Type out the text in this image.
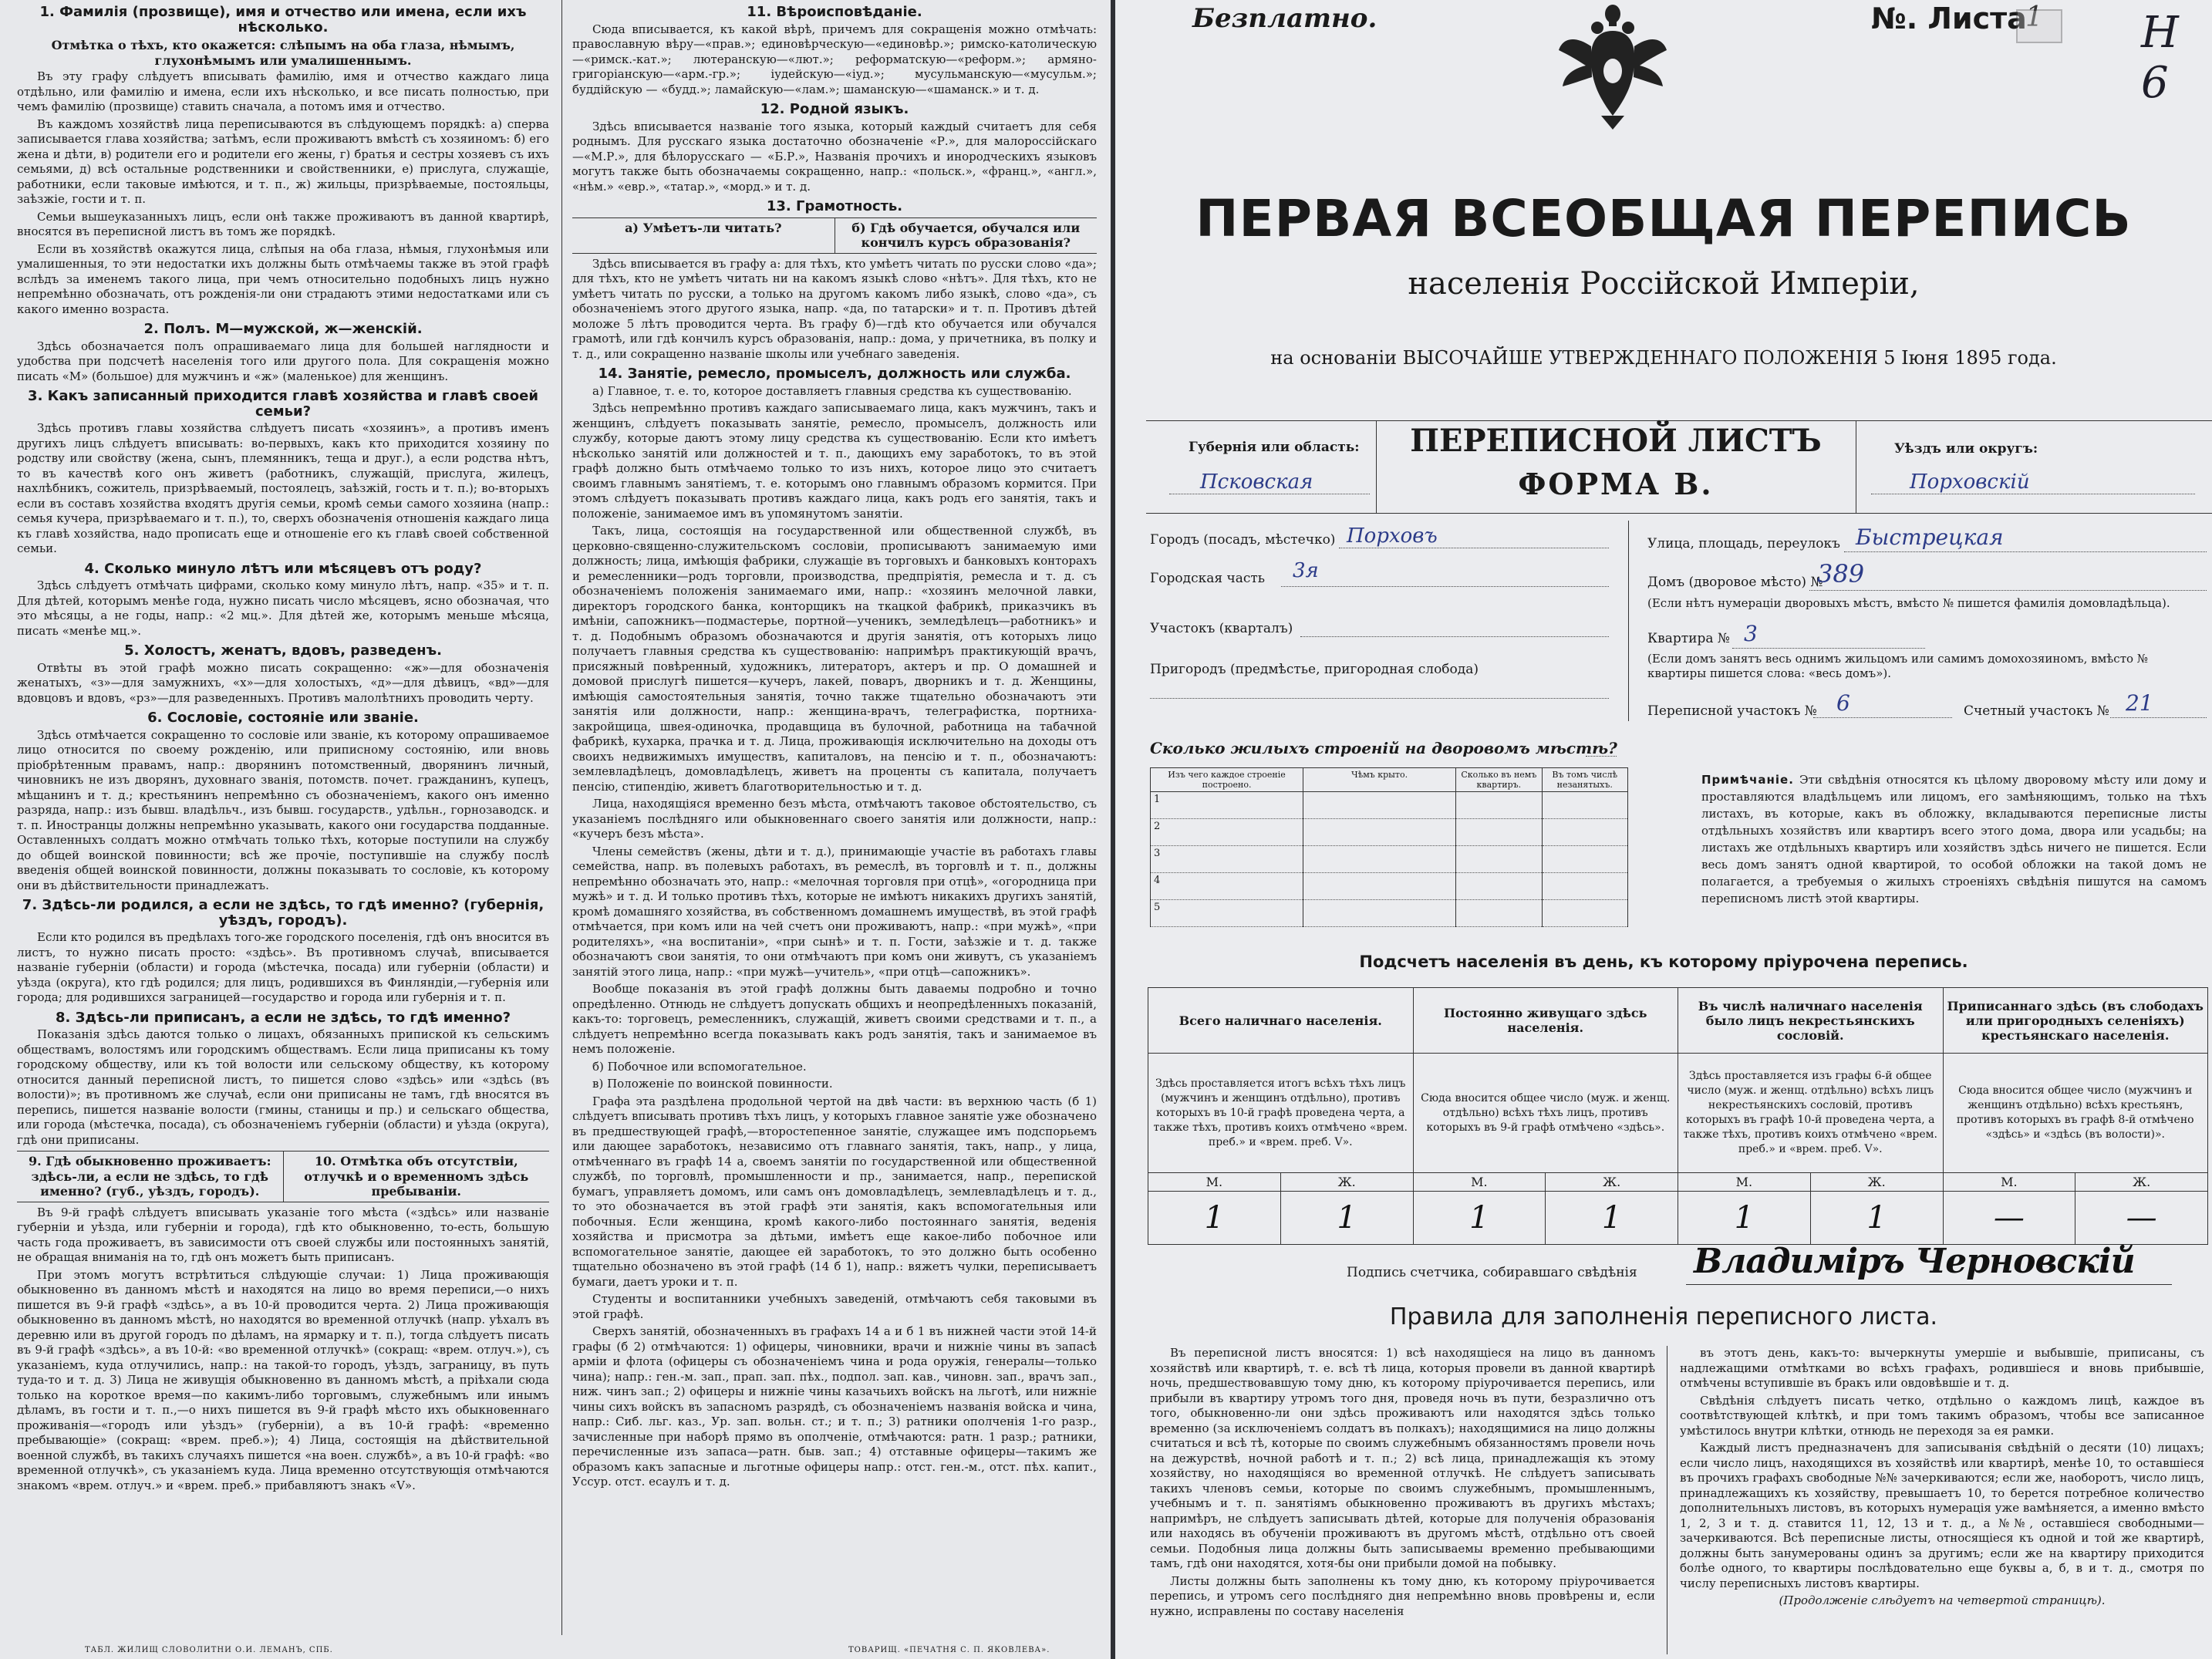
1. Фамилія (прозвище), имя и отчество или имена, если ихъ нѣсколько.
Отмѣтка о тѣхъ, кто окажется: слѣпымъ на оба глаза, нѣмымъ, глухонѣмымъ или умалишеннымъ.

Въ эту графу слѣдуетъ вписывать фамилію, имя и отчество каждаго лица отдѣльно, или фамилію и имена, если ихъ нѣсколько, и все писать полностью, при чемъ фамилію (прозвище) ставить сначала, а потомъ имя и отчество.

Въ каждомъ хозяйствѣ лица переписываются въ слѣдующемъ порядкѣ: а) сперва записывается глава хозяйства; затѣмъ, если проживаютъ вмѣстѣ съ хозяиномъ: б) его жена и дѣти, в) родители его и родители его жены, г) братья и сестры хозяевъ съ ихъ семьями, д) всѣ остальные родственники и свойственники, е) прислуга, служащіе, работники, если таковые имѣются, и т. п., ж) жильцы, призрѣваемые, постояльцы, заѣзжіе, гости и т. п.

Семьи вышеуказанныхъ лицъ, если онѣ также проживаютъ въ данной квартирѣ, вносятся въ переписной листъ въ томъ же порядкѣ.

Если въ хозяйствѣ окажутся лица, слѣпыя на оба глаза, нѣмыя, глухонѣмыя или умалишенныя, то эти недостатки ихъ должны быть отмѣчаемы также въ этой графѣ вслѣдъ за именемъ такого лица, при чемъ относительно подобныхъ лицъ нужно непремѣнно обозначать, отъ рожденія-ли они страдаютъ этими недостатками или съ какого именно возраста.

2. Полъ. М—мужской, ж—женскій.

Здѣсь обозначается полъ опрашиваемаго лица для большей наглядности и удобства при подсчетѣ населенія того или другого пола. Для сокращенія можно писать «М» (большое) для мужчинъ и «ж» (маленькое) для женщинъ.

3. Какъ записанный приходится главѣ хозяйства и главѣ своей семьи?

Здѣсь противъ главы хозяйства слѣдуетъ писать «хозяинъ», а противъ именъ другихъ лицъ слѣдуетъ вписывать: во-первыхъ, какъ кто приходится хозяину по родству или свойству (жена, сынъ, племянникъ, теща и друг.), а если родства нѣтъ, то въ качествѣ кого онъ живетъ (работникъ, служащій, прислуга, жилецъ, нахлѣбникъ, сожитель, призрѣваемый, постоялецъ, заѣзжій, гость и т. п.); во-вторыхъ если въ составъ хозяйства входятъ другія семьи, кромѣ семьи самого хозяина (напр.: семья кучера, призрѣваемаго и т. п.), то, сверхъ обозначенія отношенія каждаго лица къ главѣ хозяйства, надо прописать еще и отношеніе его къ главѣ своей собственной семьи.

4. Сколько минуло лѣтъ или мѣсяцевъ отъ роду?

Здѣсь слѣдуетъ отмѣчать цифрами, сколько кому минуло лѣтъ, напр. «35» и т. п. Для дѣтей, которымъ менѣе года, нужно писать число мѣсяцевъ, ясно обозначая, что это мѣсяцы, а не годы, напр.: «2 мц.». Для дѣтей же, которымъ меньше мѣсяца, писать «менѣе мц.».

5. Холостъ, женатъ, вдовъ, разведенъ.

Отвѣты въ этой графѣ можно писать сокращенно: «ж»—для обозначенія женатыхъ, «з»—для замужнихъ, «х»—для холостыхъ, «д»—для дѣвицъ, «вд»—для вдовцовъ и вдовъ, «рз»—для разведенныхъ. Противъ малолѣтнихъ проводить черту.

6. Сословіе, состояніе или званіе.

Здѣсь отмѣчается сокращенно то сословіе или званіе, къ которому опрашиваемое лицо относится по своему рожденію, или приписному состоянію, или вновь пріобрѣтенным правамъ, напр.: дворянинъ потомственный, дворянинъ личный, чиновникъ не изъ дворянъ, духовнаго званія, потомств. почет. гражданинъ, купецъ, мѣщанинъ и т. д.; крестьянинъ непремѣнно съ обозначеніемъ, какого онъ именно разряда, напр.: изъ бывш. владѣльч., изъ бывш. государств., удѣльн., горнозаводск. и т. п. Иностранцы должны непремѣнно указывать, какого они государства подданные. Оставленныхъ солдатъ можно отмѣчать только тѣхъ, которые поступили на службу до общей воинской повинности; всѣ же прочіе, поступившіе на службу послѣ введенія общей воинской повинности, должны показывать то сословіе, къ которому они въ дѣйствительности принадлежатъ.

7. Здѣсь-ли родился, а если не здѣсь, то гдѣ именно? (губернія, уѣздъ, городъ).

Если кто родился въ предѣлахъ того-же городского поселенія, гдѣ онъ вносится въ листъ, то нужно писать просто: «здѣсь». Въ противномъ случаѣ, вписывается названіе губерніи (области) и города (мѣстечка, посада) или губерніи (области) и уѣзда (округа), кто гдѣ родился; для лицъ, родившихся въ Финляндіи,—губернія или города; для родившихся заграницей—государство и города или губернія и т. п.

8. Здѣсь-ли приписанъ, а если не здѣсь, то гдѣ именно?

Показанія здѣсь даются только о лицахъ, обязанныхъ припиской къ сельскимъ обществамъ, волостямъ или городскимъ обществамъ. Если лица приписаны къ тому городскому обществу, или къ той волости или сельскому обществу, къ которому относится данный переписной листъ, то пишется слово «здѣсь» или «здѣсь (въ волости)»; въ противномъ же случаѣ, если они приписаны не тамъ, гдѣ вносятся въ перепись, пишется названіе волости (гмины, станицы и пр.) и сельскаго общества, или города (мѣстечка, посада), съ обозначеніемъ губерніи (области) и уѣзда (округа), гдѣ они приписаны.

9. Гдѣ обыкновенно проживаетъ: здѣсь-ли, а если не здѣсь, то гдѣ именно? (губ., уѣздъ, городъ).
10. Отмѣтка объ отсутствіи, отлучкѣ и о временномъ здѣсь пребываніи.

Въ 9-й графѣ слѣдуетъ вписывать указаніе того мѣста («здѣсь» или названіе губерніи и уѣзда, или губерніи и города), гдѣ кто обыкновенно, то-есть, большую часть года проживаетъ, въ зависимости отъ своей службы или постоянныхъ занятій, не обращая вниманія на то, гдѣ онъ можетъ быть приписанъ.

При этомъ могутъ встрѣтиться слѣдующіе случаи: 1) Лица проживающія обыкновенно въ данномъ мѣстѣ и находятся на лицо во время переписи,—о нихъ пишется въ 9-й графѣ «здѣсь», а въ 10-й проводится черта. 2) Лица проживающія обыкновенно въ данномъ мѣстѣ, но находятся во временной отлучкѣ (напр. уѣхалъ въ деревню или въ другой городъ по дѣламъ, на ярмарку и т. п.), тогда слѣдуетъ писать въ 9-й графѣ «здѣсь», а въ 10-й: «во временной отлучкѣ» (сокращ: «врем. отлуч.»), съ указаніемъ, куда отлучились, напр.: на такой-то городъ, уѣздъ, заграницу, въ путь туда-то и т. д. 3) Лица не живущія обыкновенно въ данномъ мѣстѣ, а пріѣхали сюда только на короткое время—по какимъ-либо торговымъ, служебнымъ или инымъ дѣламъ, въ гости и т. п.,—о нихъ пишется въ 9-й графѣ мѣсто ихъ обыкновеннаго проживанія—«городъ или уѣздъ» (губерніи), а въ 10-й графѣ: «временно пребывающіе» (сокращ: «врем. преб.»); 4) Лица, состоящія на дѣйствительной военной службѣ, въ такихъ случаяхъ пишется «на воен. службѣ», а въ 10-й графѣ: «во временной отлучкѣ», съ указаніемъ куда. Лица временно отсутствующія отмѣчаются знакомъ «врем. отлуч.» и «врем. преб.» прибавляютъ знакъ «V».

11. Вѣроисповѣданіе.

Сюда вписывается, къ какой вѣрѣ, причемъ для сокращенія можно отмѣчать: православную вѣру—«прав.»; единовѣрческую—«единовѣр.»; римско-католическую—«римск.-кат.»; лютеранскую—«лют.»; реформатскую—«реформ.»; армяно-григоріанскую—«арм.-гр.»; іудейскую—«іуд.»; мусульманскую—«мусульм.»; буддійскую — «будд.»; ламайскую—«лам.»; шаманскую—«шаманск.» и т. д.

12. Родной языкъ.

Здѣсь вписывается названіе того языка, который каждый считаетъ для себя роднымъ. Для русскаго языка достаточно обозначеніе «Р.», для малороссійскаго—«М.Р.», для бѣлорусскаго — «Б.Р.», Названія прочихъ и инородческихъ языковъ могутъ также быть обозначаемы сокращенно, напр.: «польск.», «франц.», «англ.», «нѣм.» «евр.», «татар.», «морд.» и т. д.

13. Грамотность.
а) Умѣетъ-ли читать?	б) Гдѣ обучается, обучался или кончилъ курсъ образованія?

Здѣсь вписывается въ графу а: для тѣхъ, кто умѣетъ читать по русски слово «да»; для тѣхъ, кто не умѣетъ читать ни на какомъ языкѣ слово «нѣтъ». Для тѣхъ, кто не умѣетъ читать по русски, а только на другомъ какомъ либо языкѣ, слово «да», съ обозначеніемъ этого другого языка, напр. «да, по татарски» и т. п. Противъ дѣтей моложе 5 лѣтъ проводится черта. Въ графу б)—гдѣ кто обучается или обучался грамотѣ, или гдѣ кончилъ курсъ образованія, напр.: дома, у причетника, въ полку и т. д., или сокращенно названіе школы или учебнаго заведенія.

14. Занятіе, ремесло, промыселъ, должность или служба.

а) Главное, т. е. то, которое доставляетъ главныя средства къ существованію.

Здѣсь непремѣнно противъ каждаго записываемаго лица, какъ мужчинъ, такъ и женщинъ, слѣдуетъ показывать занятіе, ремесло, промыселъ, должность или службу, которые даютъ этому лицу средства къ существованію. Если кто имѣетъ нѣсколько занятій или должностей и т. п., дающихъ ему заработокъ, то въ этой графѣ должно быть отмѣчаемо только то изъ нихъ, которое лицо это считаетъ своимъ главнымъ занятіемъ, т. е. которымъ оно главнымъ образомъ кормится. При этомъ слѣдуетъ показывать противъ каждаго лица, какъ родъ его занятія, такъ и положеніе, занимаемое имъ въ упомянутомъ занятіи.

Такъ, лица, состоящія на государственной или общественной службѣ, въ церковно-священно-служительскомъ сословіи, прописываютъ занимаемую ими должность; лица, имѣющія фабрики, служащіе въ торговыхъ и банковыхъ конторахъ и ремесленники—родъ торговли, производства, предпріятія, ремесла и т. д. съ обозначеніемъ положенія занимаемаго ими, напр.: «хозяинъ мелочной лавки, директоръ городского банка, конторщикъ на ткацкой фабрикѣ, приказчикъ въ имѣніи, сапожникъ—подмастерье, портной—ученикъ, земледѣлецъ—работникъ» и т. д. Подобнымъ образомъ обозначаются и другія занятія, отъ которыхъ лицо получаетъ главныя средства къ существованію: напримѣръ практикующій врачъ, присяжный повѣренный, художникъ, литераторъ, актеръ и пр. О домашней и домовой прислугѣ пишется—кучеръ, лакей, поваръ, дворникъ и т. д. Женщины, имѣющія самостоятельныя занятія, точно также тщательно обозначаютъ эти занятія или должности, напр.: женщина-врачъ, телеграфистка, портниха-закройщица, швея-одиночка, продавщица въ булочной, работница на табачной фабрикѣ, кухарка, прачка и т. д. Лица, проживающія исключительно на доходы отъ своихъ недвижимыхъ имуществъ, капиталовъ, на пенсію и т. п., обозначаютъ: землевладѣлецъ, домовладѣлецъ, живетъ на проценты съ капитала, получаетъ пенсію, стипендію, живетъ благотворительностью и т. д.

Лица, находящіяся временно безъ мѣста, отмѣчаютъ таковое обстоятельство, съ указаніемъ послѣдняго или обыкновеннаго своего занятія или должности, напр.: «кучеръ безъ мѣста».

Члены семействъ (жены, дѣти и т. д.), принимающіе участіе въ работахъ главы семейства, напр. въ полевыхъ работахъ, въ ремеслѣ, въ торговлѣ и т. п., должны непремѣнно обозначать это, напр.: «мелочная торговля при отцѣ», «огородница при мужѣ» и т. д. И только противъ тѣхъ, которые не имѣютъ никакихъ другихъ занятій, кромѣ домашняго хозяйства, въ собственномъ домашнемъ имуществѣ, въ этой графѣ отмѣчается, при комъ или на чей счетъ они проживаютъ, напр.: «при мужѣ», «при родителяхъ», «на воспитаніи», «при сынѣ» и т. п. Гости, заѣзжіе и т. д. также обозначаютъ свои занятія, то они отмѣчаютъ при комъ они живутъ, съ указаніемъ занятій этого лица, напр.: «при мужѣ—учитель», «при отцѣ—сапожникъ».

Вообще показанія въ этой графѣ должны быть даваемы подробно и точно опредѣленно. Отнюдь не слѣдуетъ допускать общихъ и неопредѣленныхъ показаній, какъ-то: торговецъ, ремесленникъ, служащій, живетъ своими средствами и т. п., а слѣдуетъ непремѣнно всегда показывать какъ родъ занятія, такъ и занимаемое въ немъ положеніе.

б) Побочное или вспомогательное.

в) Положеніе по воинской повинности.

Графа эта раздѣлена продольной чертой на двѣ части: въ верхнюю часть (б 1) слѣдуетъ вписывать противъ тѣхъ лицъ, у которыхъ главное занятіе уже обозначено въ предшествующей графѣ,—второстепенное занятіе, служащее имъ подспорьемъ или дающее заработокъ, независимо отъ главнаго занятія, такъ, напр., у лица, отмѣченнаго въ графѣ 14 а, своемъ занятіи по государственной или общественной службѣ, по торговлѣ, промышленности и пр., занимается, напр., перепиской бумагъ, управляетъ домомъ, или самъ онъ домовладѣлецъ, землевладѣлецъ и т. д., то это обозначается въ этой графѣ эти занятія, какъ вспомогательныя или побочныя. Если женщина, кромѣ какого-либо постояннаго занятія, веденія хозяйства и присмотра за дѣтьми, имѣетъ еще какое-либо побочное или вспомогательное занятіе, дающее ей заработокъ, то это должно быть особенно тщательно обозначено въ этой графѣ (14 б 1), напр.: вяжетъ чулки, переписываетъ бумаги, даетъ уроки и т. п.

Студенты и воспитанники учебныхъ заведеній, отмѣчаютъ себя таковыми въ этой графѣ.

Сверхъ занятій, обозначенныхъ въ графахъ 14 а и б 1 въ нижней части этой 14-й графы (б 2) отмѣчаются: 1) офицеры, чиновники, врачи и нижніе чины въ запасѣ арміи и флота (офицеры съ обозначеніемъ чина и рода оружія, генералы—только чина); напр.: ген.-м. зап., прап. зап. пѣх., подпол. зап. кав., чиновн. зап., врачъ зап., ниж. чинъ зап.; 2) офицеры и нижніе чины казачьихъ войскъ на льготѣ, или нижніе чины сихъ войскъ въ запасномъ разрядѣ, съ обозначеніемъ названія войска и чина, напр.: Сиб. льг. каз., Ур. зап. вольн. ст.; и т. п.; 3) ратники ополченія 1-го разр., зачисленные при наборѣ прямо въ ополченіе, отмѣчаются: ратн. 1 разр.; ратники, перечисленные изъ запаса—ратн. быв. зап.; 4) отставные офицеры—такимъ же образомъ какъ запасные и льготные офицеры напр.: отст. ген.-м., отст. пѣх. капит., Уссур. отст. есаулъ и т. д.

ТАБЛ. ЖИЛИЩ СЛОВОЛИТНИ О.И. ЛЕМАНЪ, СПБ.	ТОВАРИЩ. «ПЕЧАТНЯ С. П. ЯКОВЛЕВА».
Безплатно.	№. Листа
1 Н 6
ПЕРВАЯ ВСЕОБЩАЯ ПЕРЕПИСЬ
населенія Россійской Имперіи,
на основаніи ВЫСОЧАЙШЕ УТВЕРЖДЕННАГО ПОЛОЖЕНІЯ 5 Іюня 1895 года.
Губернія или область:
Псковская
ПЕРЕПИСНОЙ ЛИСТЪ
ФОРМА В.
Уѣздъ или округъ:
Порховскій
Городъ (посадъ, мѣстечко) Порховъ
Городская часть 3я
Участокъ (кварталъ)
Пригородъ (предмѣстье, пригородная слобода)
Улица, площадь, переулокъ Быстрецкая
Домъ (дворовое мѣсто) №
389
(Если нѣтъ нумераціи дворовыхъ мѣстъ, вмѣсто № пишется фамилія домовладѣльца).
Квартира № 3
(Если домъ занятъ весь однимъ жильцомъ или самимъ домохозяиномъ, вмѣсто № квартиры пишется слова: «весь домъ»).
Переписной участокъ № 6	Счетный участокъ № 21
Сколько жилыхъ строеній на дворовомъ мѣстѣ?
Изъ чего каждое строеніе построено.	Чѣмъ крыто.	Сколько въ немъ квартиръ.	Въ томъ числѣ незанятыхъ.
1			
2			
3			
4			
5			
Примѣчаніе. Эти свѣдѣнія относятся къ цѣлому дворовому мѣсту или дому и проставляются владѣльцемъ или лицомъ, его замѣняющимъ, только на тѣхъ листахъ, въ которые, какъ въ обложку, вкладываются переписные листы отдѣльныхъ хозяйствъ или квартиръ всего этого дома, двора или усадьбы; на листахъ же отдѣльныхъ квартиръ или хозяйствъ здѣсь ничего не пишется. Если весь домъ занятъ одной квартирой, то особой обложки на такой домъ не полагается, а требуемыя о жилыхъ строеніяхъ свѣдѣнія пишутся на самомъ переписномъ листѣ этой квартиры.
Подсчетъ населенія въ день, къ которому пріурочена перепись.
Всего наличнаго населенія.		Постоянно живущаго здѣсь населенія.		Въ числѣ наличнаго населенія было лицъ некрестьянскихъ сословій.		Приписаннаго здѣсь (въ слободахъ или пригородныхъ селеніяхъ) крестьянскаго населенія.	
Здѣсь проставляется итогъ всѣхъ тѣхъ лицъ (мужчинъ и женщинъ отдѣльно), противъ которыхъ въ 10-й графѣ проведена черта, а также тѣхъ, противъ коихъ отмѣчено «врем. преб.» и «врем. преб. V».		Сюда вносится общее число (муж. и женщ. отдѣльно) всѣхъ тѣхъ лицъ, противъ которыхъ въ 9-й графѣ отмѣчено «здѣсь».		Здѣсь проставляется изъ графы 6-й общее число (муж. и женщ. отдѣльно) всѣхъ лицъ некрестьянскихъ сословій, противъ которыхъ въ графѣ 10-й проведена черта, а также тѣхъ, противъ коихъ отмѣчено «врем. преб.» и «врем. преб. V».		Сюда вносится общее число (мужчинъ и женщинъ отдѣльно) всѣхъ крестьянъ, противъ которыхъ въ графѣ 8-й отмѣчено «здѣсь» и «здѣсь (въ волости)».	
М.	Ж.	М.	Ж.	М.	Ж.	М.	Ж.
1	1	1	1	1	1	—	—
Подпись счетчика, собиравшаго свѣдѣнія Владиміръ Черновскій
Правила для заполненія переписного листа.

Въ переписной листъ вносятся: 1) всѣ находящіеся на лицо въ данномъ хозяйствѣ или квартирѣ, т. е. всѣ тѣ лица, которыя провели въ данной квартирѣ ночь, предшествовавшую тому дню, къ которому пріурочивается перепись, или прибыли въ квартиру утромъ того дня, проведя ночь въ пути, безразлично отъ того, обыкновенно-ли они здѣсь проживаютъ или находятся здѣсь только временно (за исключеніемъ солдатъ въ полкахъ); находящимися на лицо должны считаться и всѣ тѣ, которые по своимъ служебнымъ обязанностямъ провели ночь на дежурствѣ, ночной работѣ и т. п.; 2) всѣ лица, принадлежащія къ этому хозяйству, но находящіяся во временной отлучкѣ. Не слѣдуетъ записывать такихъ членовъ семьи, которые по своимъ служебнымъ, промышленнымъ, учебнымъ и т. п. занятіямъ обыкновенно проживаютъ въ другихъ мѣстахъ; напримѣръ, не слѣдуетъ записывать дѣтей, которые для полученія образованія или находясь въ обученіи проживаютъ въ другомъ мѣстѣ, отдѣльно отъ своей семьи. Подобныя лица должны быть записываемы временно пребывающими тамъ, гдѣ они находятся, хотя-бы они прибыли домой на побывку.

Листы должны быть заполнены къ тому дню, къ которому пріурочивается перепись, и утромъ сего послѣдняго дня непремѣнно вновь провѣрены и, если нужно, исправлены по составу населенія

въ этотъ день, какъ-то: вычеркнуты умершіе и выбывшіе, приписаны, съ надлежащими отмѣтками во всѣхъ графахъ, родившіеся и вновь прибывшіе, отмѣчены вступившіе въ бракъ или овдовѣвшіе и т. д.

Свѣдѣнія слѣдуетъ писать четко, отдѣльно о каждомъ лицѣ, каждое въ соотвѣтствующей клѣткѣ, и при томъ такимъ образомъ, чтобы все записанное умѣстилось внутри клѣтки, отнюдь не переходя за ея рамки.

Каждый листъ предназначенъ для записыванія свѣдѣній о десяти (10) лицахъ; если число лицъ, находящихся въ хозяйствѣ или квартирѣ, менѣе 10, то оставшіеся въ прочихъ графахъ свободные №№ зачеркиваются; если же, наоборотъ, число лицъ, принадлежащихъ къ хозяйству, превышаетъ 10, то берется потребное количество дополнительныхъ листовъ, въ которыхъ нумерація уже вамѣняется, а именно вмѣсто 1, 2, 3 и т. д. ставится 11, 12, 13 и т. д., а №№, оставшіеся свободными—зачеркиваются. Всѣ переписные листы, относящіеся къ одной и той же квартирѣ, должны быть занумерованы одинъ за другимъ; если же на квартиру приходится болѣе одного, то квартиры послѣдовательно еще буквы а, б, в и т. д., смотря по числу переписныхъ листовъ квартиры.

(Продолженіе слѣдуетъ на четвертой страницѣ).
